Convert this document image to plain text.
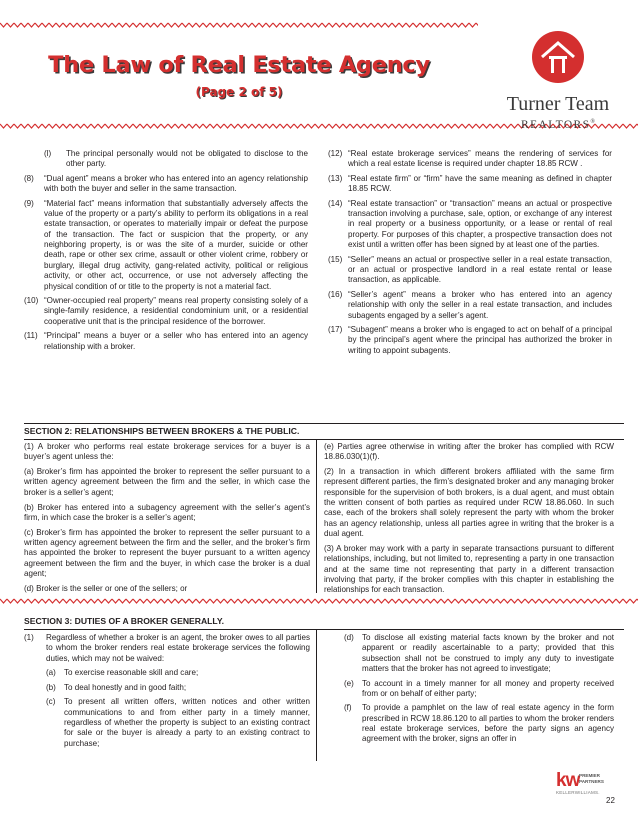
The Law of Real Estate Agency
(Page 2 of 5)
Turner Team
REALTORS®
(l) The principal personally would not be obligated to disclose to the other party.
(8) “Dual agent” means a broker who has entered into an agency relationship with both the buyer and seller in the same transaction.
(9) “Material fact” means information that substantially adversely affects the value of the property or a party’s ability to perform its obligations in a real estate transaction, or operates to materially impair or defeat the purpose of the transaction. The fact or suspicion that the property, or any neighboring property, is or was the site of a murder, suicide or other death, rape or other sex crime, assault or other violent crime, robbery or burglary, illegal drug activity, gang-related activity, political or religious activity, or other act, occurrence, or use not adversely affecting the physical condition of or title to the property is not a material fact.
(10) “Owner-occupied real property” means real property consisting solely of a single-family residence, a residential condominium unit, or a residential cooperative unit that is the principal residence of the borrower.
(11) “Principal” means a buyer or a seller who has entered into an agency relationship with a broker.
(12) “Real estate brokerage services” means the rendering of services for which a real estate license is required under chapter 18.85 RCW .
(13) “Real estate firm” or “firm” have the same meaning as defined in chapter 18.85 RCW.
(14) “Real estate transaction” or “transaction” means an actual or prospective transaction involving a purchase, sale, option, or exchange of any interest in real property or a business opportunity, or a lease or rental of real property. For purposes of this chapter, a prospective transaction does not exist until a written offer has been signed by at least one of the parties.
(15) “Seller” means an actual or prospective seller in a real estate transaction, or an actual or prospective landlord in a real estate rental or lease transaction, as applicable.
(16) “Seller’s agent” means a broker who has entered into an agency relationship with only the seller in a real estate transaction, and includes subagents engaged by a seller’s agent.
(17) “Subagent” means a broker who is engaged to act on behalf of a principal by the principal’s agent where the principal has authorized the broker in writing to appoint subagents.
SECTION 2: RELATIONSHIPS BETWEEN BROKERS & THE PUBLIC.

(1) A broker who performs real estate brokerage services for a buyer is a buyer’s agent unless the:

(a) Broker’s firm has appointed the broker to represent the seller pursuant to a written agency agreement between the firm and the seller, in which case the broker is a seller’s agent;

(b) Broker has entered into a subagency agreement with the seller’s agent’s firm, in which case the broker is a seller’s agent;

(c) Broker’s firm has appointed the broker to represent the seller pursuant to a written agency agreement between the firm and the seller, and the broker’s firm has appointed the broker to represent the buyer pursuant to a written agency agreement between the firm and the buyer, in which case the broker is a dual agent;

(d) Broker is the seller or one of the sellers; or

(e) Parties agree otherwise in writing after the broker has complied with RCW 18.86.030(1)(f).

(2) In a transaction in which different brokers affiliated with the same firm represent different parties, the firm’s designated broker and any managing broker responsible for the supervision of both brokers, is a dual agent, and must obtain the written consent of both parties as required under RCW 18.86.060. In such case, each of the brokers shall solely represent the party with whom the broker has an agency relationship, unless all parties agree in writing that the broker is a dual agent.

(3) A broker may work with a party in separate transactions pursuant to different relationships, including, but not limited to, representing a party in one transaction and at the same time not representing that party in a different transaction involving that party, if the broker complies with this chapter in establishing the relationships for each transaction.

SECTION 3: DUTIES OF A BROKER GENERALLY.
(1) Regardless of whether a broker is an agent, the broker owes to all parties to whom the broker renders real estate brokerage services the following duties, which may not be waived:
(a) To exercise reasonable skill and care;
(b) To deal honestly and in good faith;
(c) To present all written offers, written notices and other written communications to and from either party in a timely manner, regardless of whether the property is subject to an existing contract for sale or the buyer is already a party to an existing contract to purchase;
(d) To disclose all existing material facts known by the broker and not apparent or readily ascertainable to a party; provided that this subsection shall not be construed to imply any duty to investigate matters that the broker has not agreed to investigate;
(e) To account in a timely manner for all money and property received from or on behalf of either party;
(f) To provide a pamphlet on the law of real estate agency in the form prescribed in RCW 18.86.120 to all parties to whom the broker renders real estate brokerage services, before the party signs an agency agreement with the broker, signs an offer in
kw PREMIER
PARTNERS
KELLERWILLIAMS.
22
